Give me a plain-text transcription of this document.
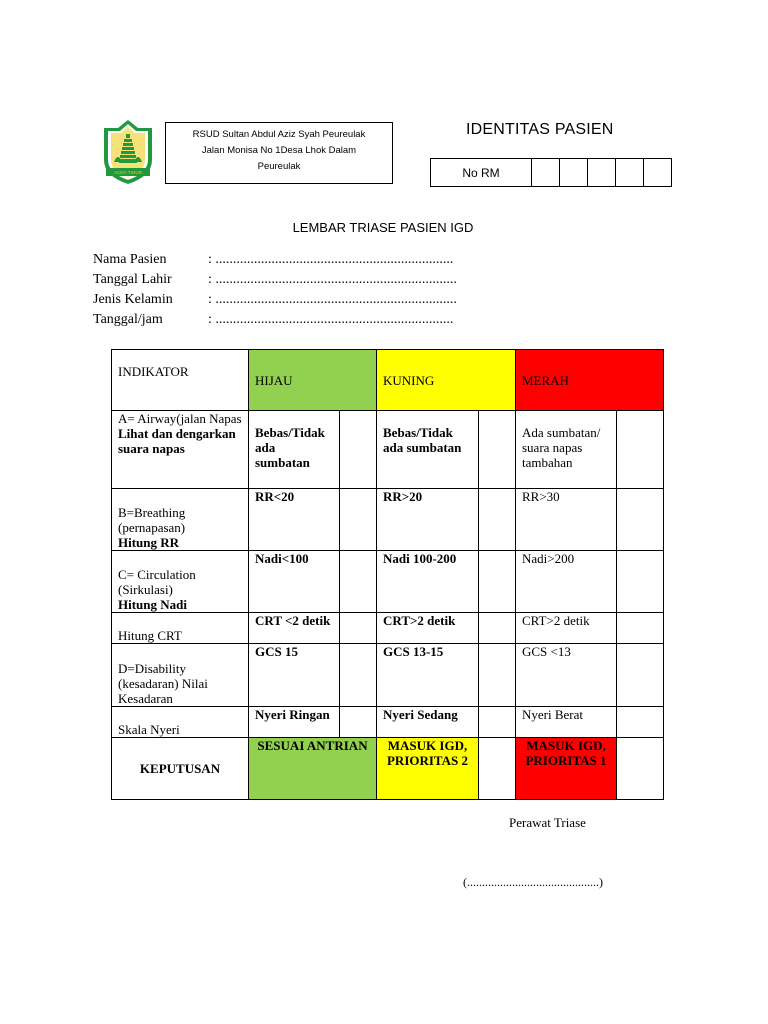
ACEH TIMUR
RSUD Sultan Abdul Aziz Syah Peureulak
Jalan Monisa No 1Desa Lhok Dalam
Peureulak
IDENTITAS PASIEN
No RM					
LEMBAR TRIASE PASIEN IGD
Nama Pasien	: ....................................................................
Tanggal Lahir	: .....................................................................
Jenis Kelamin	: .....................................................................
Tanggal/jam	: ....................................................................
INDIKATOR	HIJAU		KUNING		MERAH	
A= Airway(jalan Napas
Lihat dan dengarkan suara napas	Bebas/Tidak ada sumbatan		Bebas/Tidak ada sumbatan		Ada sumbatan/ suara napas tambahan	
B=Breathing (pernapasan)
Hitung RR	RR<20		RR>20		RR>30	
C= Circulation (Sirkulasi)
Hitung Nadi	Nadi<100		Nadi 100-200		Nadi>200	
Hitung CRT	CRT <2 detik		CRT>2 detik		CRT>2 detik	
D=Disability (kesadaran) Nilai Kesadaran	GCS 15		GCS 13-15		GCS <13	
Skala Nyeri	Nyeri Ringan		Nyeri Sedang		Nyeri Berat	
KEPUTUSAN	SESUAI ANTRIAN		MASUK IGD, PRIORITAS 2		MASUK IGD, PRIORITAS 1	
Perawat Triase
(............................................)
